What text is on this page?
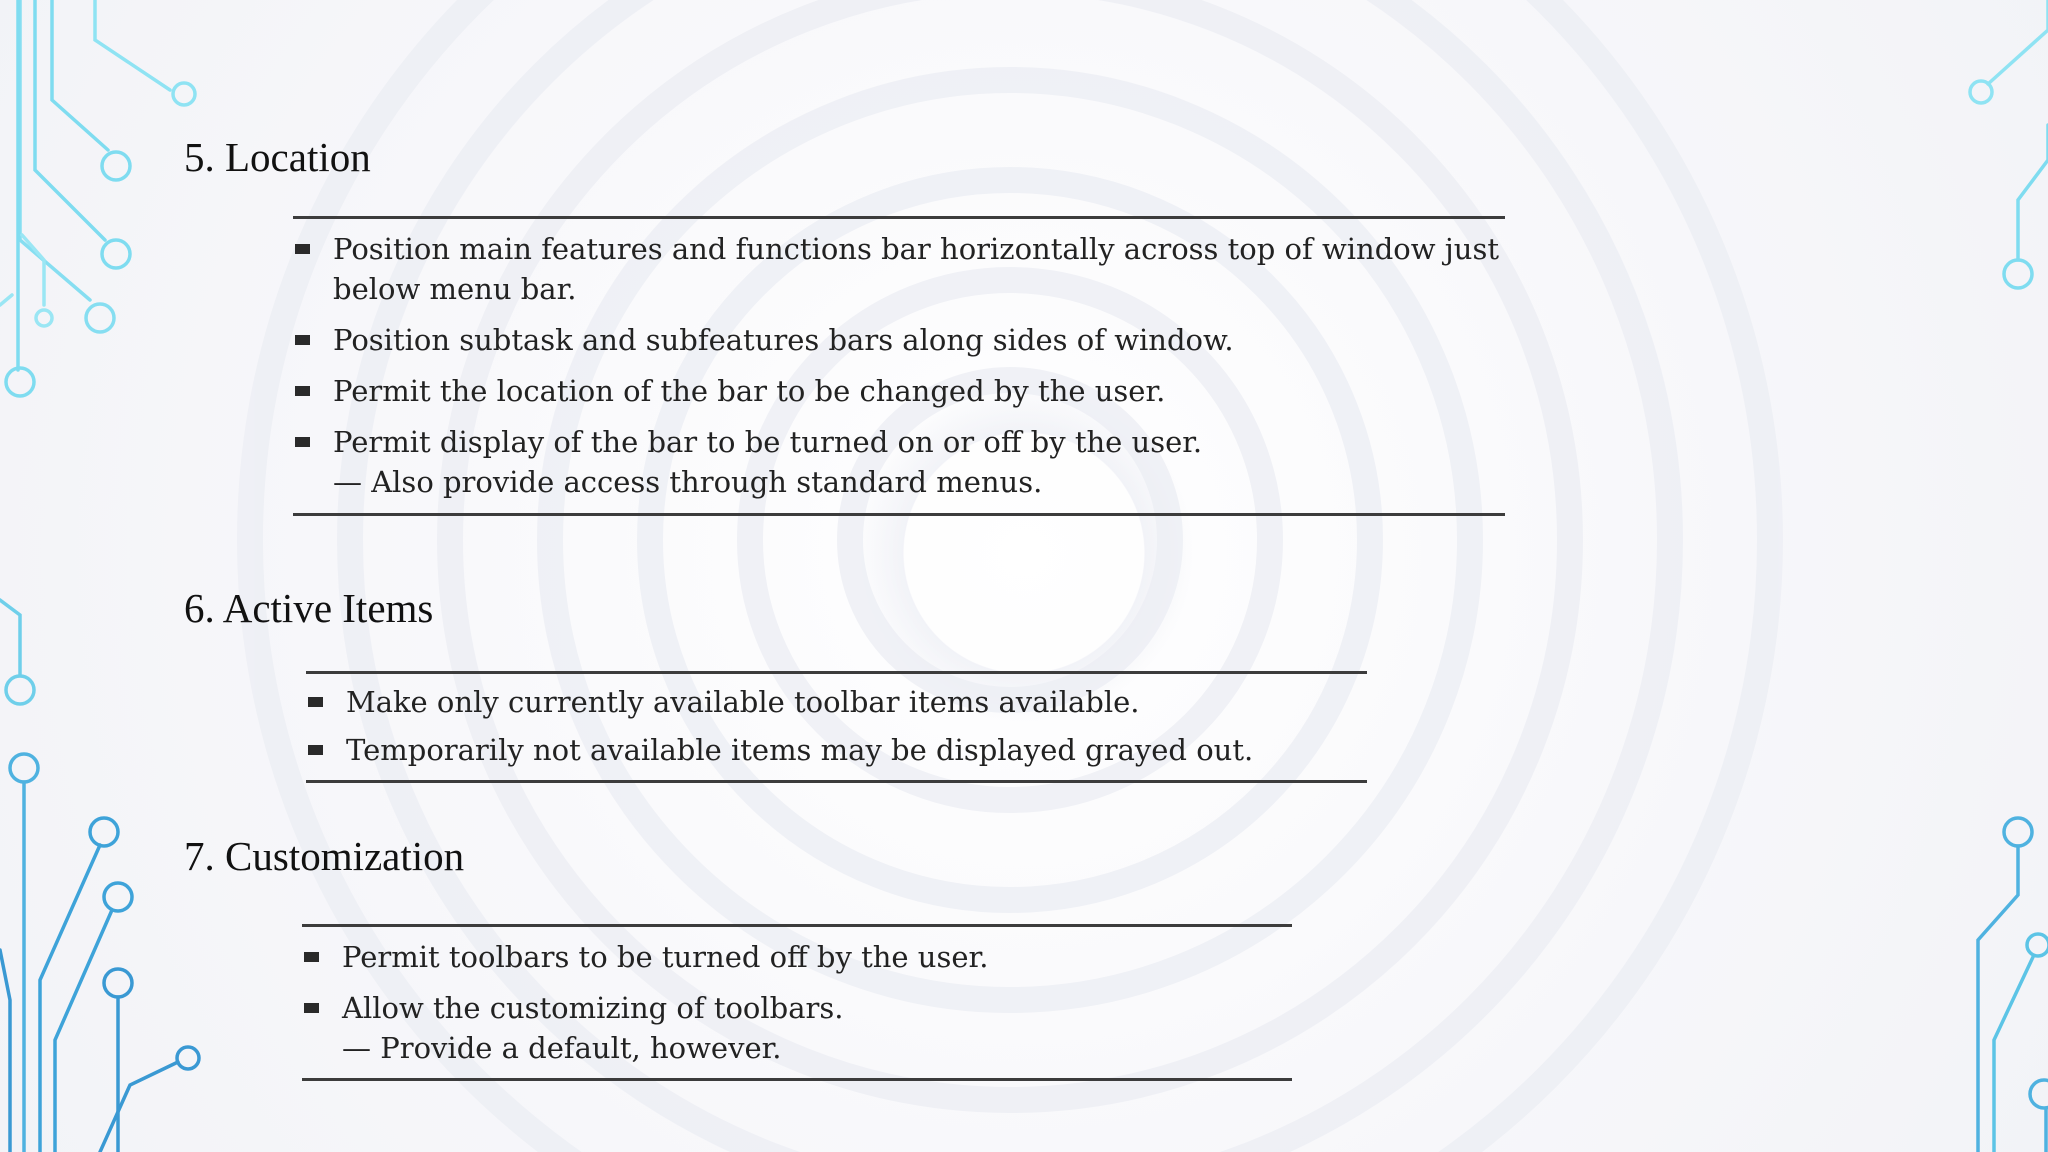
5. Location
Position main features and functions bar horizontally across top of window just below menu bar.
Position subtask and subfeatures bars along sides of window.
Permit the location of the bar to be changed by the user.
Permit display of the bar to be turned on or off by the user.
— Also provide access through standard menus.
6. Active Items
Make only currently available toolbar items available.
Temporarily not available items may be displayed grayed out.
7. Customization
Permit toolbars to be turned off by the user.
Allow the customizing of toolbars.
— Provide a default, however.
